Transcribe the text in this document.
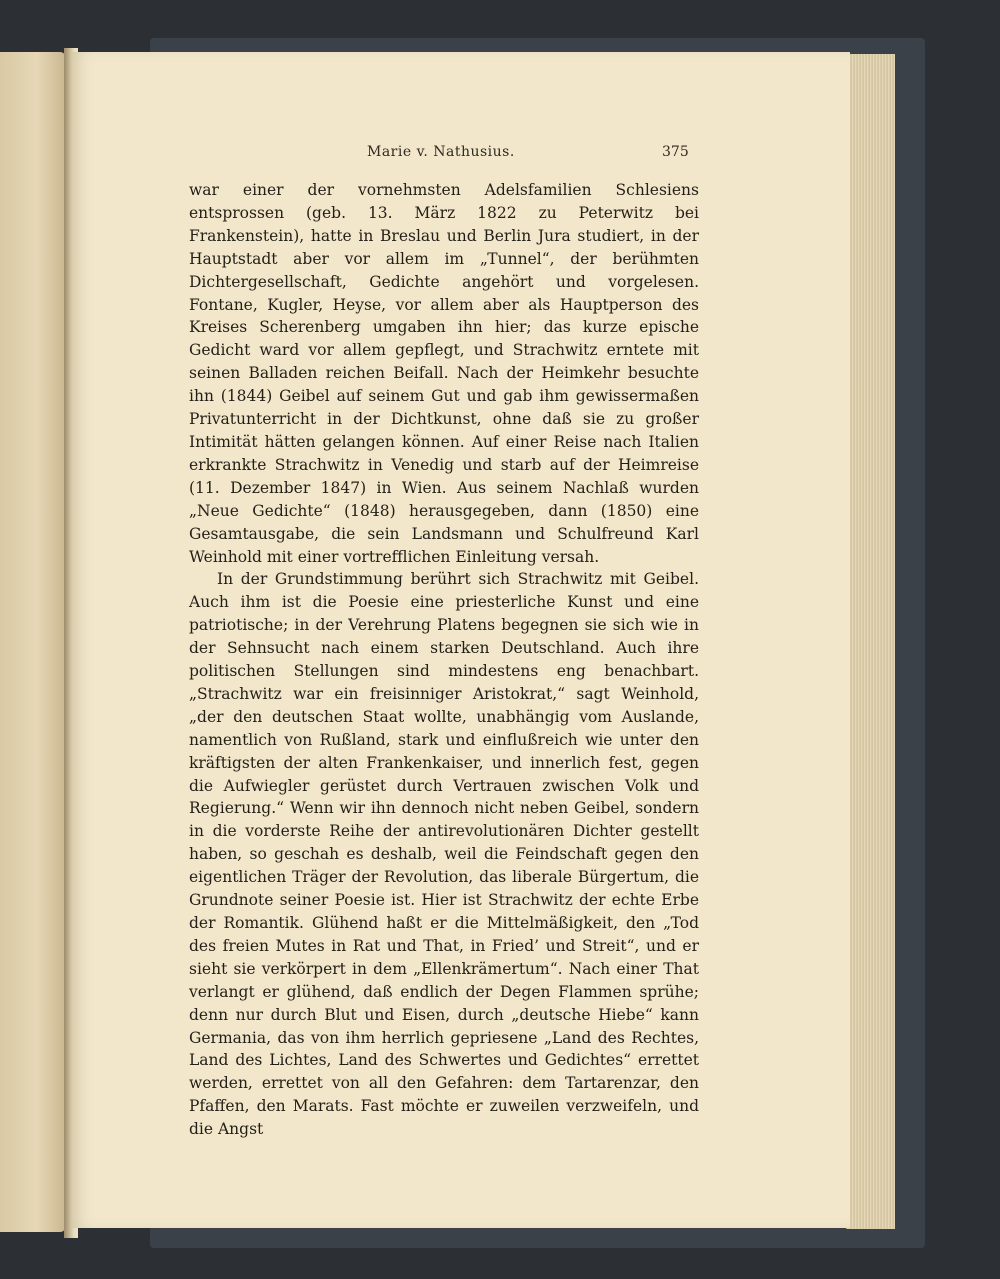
Marie v. Nathusius.	375

war einer der vornehmsten Adelsfamilien Schlesiens entsprossen (geb. 13. März 1822 zu Peterwitz bei Frankenstein), hatte in Breslau und Berlin Jura studiert, in der Hauptstadt aber vor allem im „Tunnel“, der berühmten Dichtergesellschaft, Gedichte angehört und vorgelesen. Fontane, Kugler, Heyse, vor allem aber als Hauptperson des Kreises Scherenberg umgaben ihn hier; das kurze epische Gedicht ward vor allem gepflegt, und Strachwitz erntete mit seinen Balladen reichen Beifall. Nach der Heimkehr besuchte ihn (1844) Geibel auf seinem Gut und gab ihm gewissermaßen Privatunterricht in der Dichtkunst, ohne daß sie zu großer Intimität hätten gelangen können. Auf einer Reise nach Italien erkrankte Strachwitz in Venedig und starb auf der Heimreise (11. Dezember 1847) in Wien. Aus seinem Nachlaß wurden „Neue Gedichte“ (1848) herausgegeben, dann (1850) eine Gesamtausgabe, die sein Landsmann und Schulfreund Karl Weinhold mit einer vortrefflichen Einleitung versah.

In der Grundstimmung berührt sich Strachwitz mit Geibel. Auch ihm ist die Poesie eine priesterliche Kunst und eine patriotische; in der Verehrung Platens begegnen sie sich wie in der Sehnsucht nach einem starken Deutschland. Auch ihre politischen Stellungen sind mindestens eng benachbart. „Strachwitz war ein freisinniger Aristokrat,“ sagt Weinhold, „der den deutschen Staat wollte, unabhängig vom Auslande, namentlich von Rußland, stark und einflußreich wie unter den kräftigsten der alten Frankenkaiser, und innerlich fest, gegen die Aufwiegler gerüstet durch Vertrauen zwischen Volk und Regierung.“ Wenn wir ihn dennoch nicht neben Geibel, sondern in die vorderste Reihe der antirevolutionären Dichter gestellt haben, so geschah es deshalb, weil die Feindschaft gegen den eigentlichen Träger der Revolution, das liberale Bürgertum, die Grundnote seiner Poesie ist. Hier ist Strachwitz der echte Erbe der Romantik. Glühend haßt er die Mittelmäßigkeit, den „Tod des freien Mutes in Rat und That, in Fried’ und Streit“, und er sieht sie verkörpert in dem „Ellenkrämertum“. Nach einer That verlangt er glühend, daß endlich der Degen Flammen sprühe; denn nur durch Blut und Eisen, durch „deutsche Hiebe“ kann Germania, das von ihm herrlich gepriesene „Land des Rechtes, Land des Lichtes, Land des Schwertes und Gedichtes“ errettet werden, errettet von all den Gefahren: dem Tartarenzar, den Pfaffen, den Marats. Fast möchte er zuweilen verzweifeln, und die Angst
